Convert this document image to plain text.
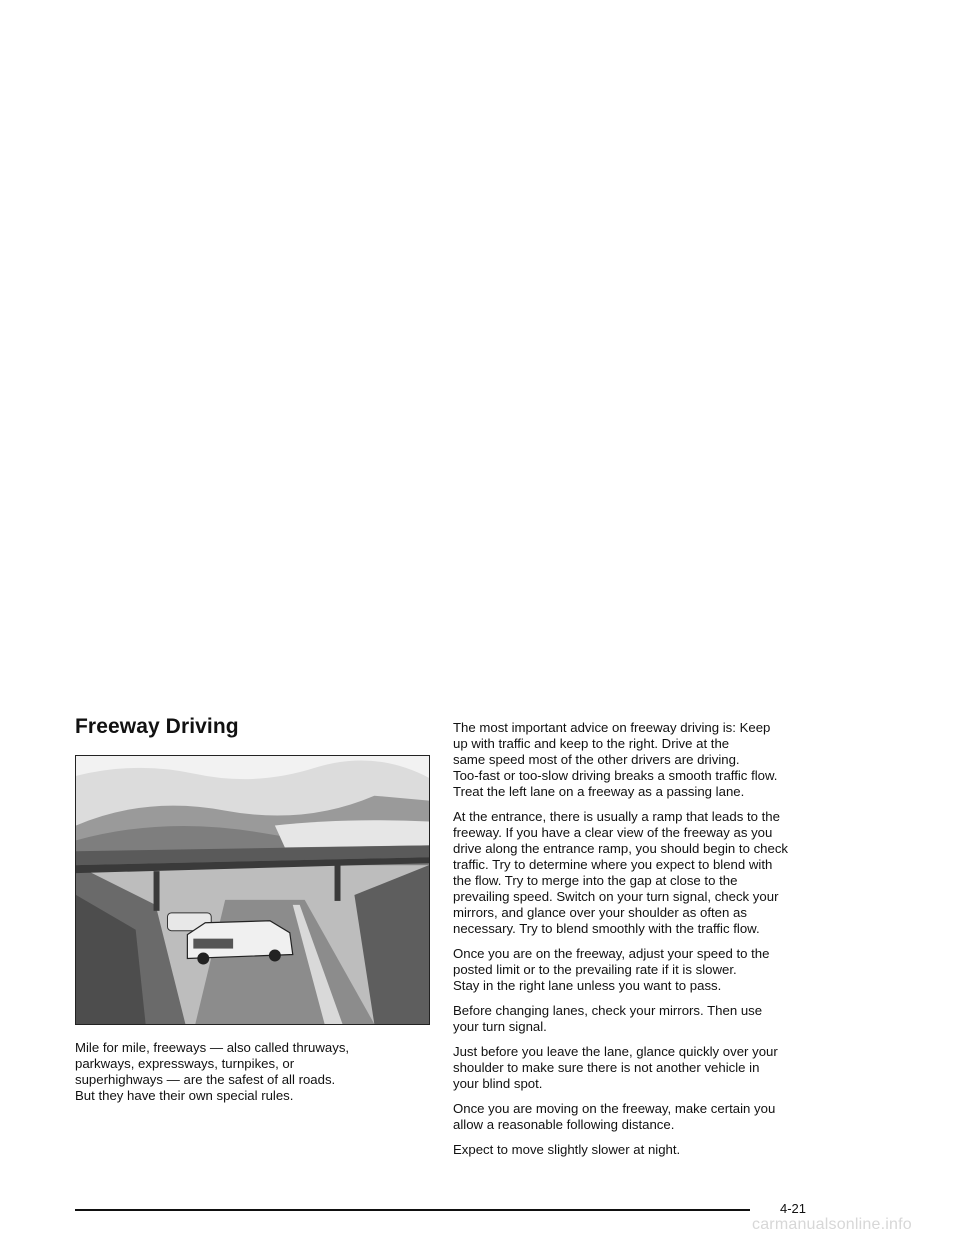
Freeway Driving

Mile for mile, freeways — also called thruways,
parkways, expressways, turnpikes, or
superhighways — are the safest of all roads.
But they have their own special rules.

The most important advice on freeway driving is: Keep
up with traffic and keep to the right. Drive at the
same speed most of the other drivers are driving.
Too-fast or too-slow driving breaks a smooth traffic flow.
Treat the left lane on a freeway as a passing lane.

At the entrance, there is usually a ramp that leads to the
freeway. If you have a clear view of the freeway as you
drive along the entrance ramp, you should begin to check
traffic. Try to determine where you expect to blend with
the flow. Try to merge into the gap at close to the
prevailing speed. Switch on your turn signal, check your
mirrors, and glance over your shoulder as often as
necessary. Try to blend smoothly with the traffic flow.

Once you are on the freeway, adjust your speed to the
posted limit or to the prevailing rate if it is slower.
Stay in the right lane unless you want to pass.

Before changing lanes, check your mirrors. Then use
your turn signal.

Just before you leave the lane, glance quickly over your
shoulder to make sure there is not another vehicle in
your blind spot.

Once you are moving on the freeway, make certain you
allow a reasonable following distance.

Expect to move slightly slower at night.

4-21
carmanualsonline.info
